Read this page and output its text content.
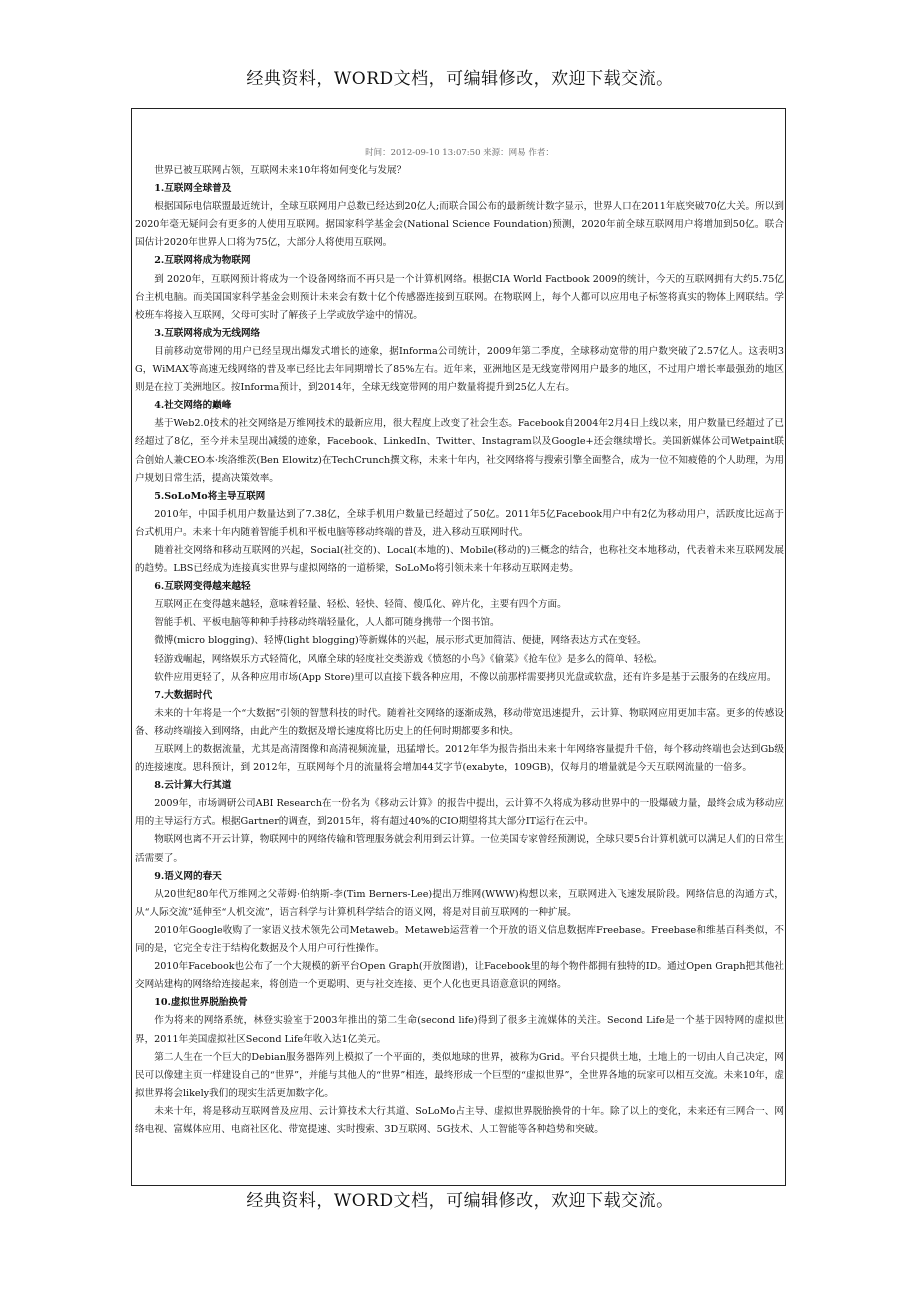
经典资料，WORD文档，可编辑修改，欢迎下载交流。
时间：2012-09-10 13:07:50 来源：网易 作者：

世界已被互联网占领，互联网未来10年将如何变化与发展？

1.互联网全球普及

根据国际电信联盟最近统计，全球互联网用户总数已经达到20亿人;而联合国公布的最新统计数字显示，世界人口在2011年底突破70亿大关。所以到2020年毫无疑问会有更多的人使用互联网。据国家科学基金会(National Science Foundation)预测，2020年前全球互联网用户将增加到50亿。联合国估计2020年世界人口将为75亿，大部分人将使用互联网。

2.互联网将成为物联网

到 2020年，互联网预计将成为一个设备网络而不再只是一个计算机网络。根据CIA World Factbook 2009的统计，今天的互联网拥有大约5.75亿台主机电脑。而美国国家科学基金会则预计未来会有数十亿个传感器连接到互联网。在物联网上，每个人都可以应用电子标签将真实的物体上网联结。学校班车将接入互联网，父母可实时了解孩子上学或放学途中的情况。

3.互联网将成为无线网络

目前移动宽带网的用户已经呈现出爆发式增长的迹象，据Informa公司统计，2009年第二季度，全球移动宽带的用户数突破了2.57亿人。这表明3G，WiMAX等高速无线网络的普及率已经比去年同期增长了85%左右。近年来，亚洲地区是无线宽带网用户最多的地区，不过用户增长率最强劲的地区则是在拉丁美洲地区。按Informa预计，到2014年，全球无线宽带网的用户数量将提升到25亿人左右。

4.社交网络的巅峰

基于Web2.0技术的社交网络是万维网技术的最新应用，很大程度上改变了社会生态。Facebook自2004年2月4日上线以来，用户数量已经超过了已经超过了8亿，至今并未呈现出减缓的迹象，Facebook、LinkedIn、Twitter、Instagram以及Google+还会继续增长。美国新媒体公司Wetpaint联合创始人兼CEO本·埃洛维茨(Ben Elowitz)在TechCrunch撰文称，未来十年内，社交网络将与搜索引擎全面整合，成为一位不知疲倦的个人助理，为用户规划日常生活，提高决策效率。

5.SoLoMo将主导互联网

2010年，中国手机用户数量达到了7.38亿，全球手机用户数量已经超过了50亿。2011年5亿Facebook用户中有2亿为移动用户，活跃度比远高于台式机用户。未来十年内随着智能手机和平板电脑等移动终端的普及，进入移动互联网时代。

随着社交网络和移动互联网的兴起，Social(社交的)、Local(本地的)、Mobile(移动的)三概念的结合，也称社交本地移动，代表着未来互联网发展的趋势。LBS已经成为连接真实世界与虚拟网络的一道桥梁，SoLoMo将引领未来十年移动互联网走势。

6.互联网变得越来越轻

互联网正在变得越来越轻，意味着轻量、轻松、轻快、轻简、傻瓜化、碎片化，主要有四个方面。

智能手机、平板电脑等种种手持移动终端轻量化，人人都可随身携带一个图书馆。

微博(micro blogging)、轻博(light blogging)等新媒体的兴起，展示形式更加简洁、便捷，网络表达方式在变轻。

轻游戏崛起，网络娱乐方式轻简化，风靡全球的轻度社交类游戏《愤怒的小鸟》《偷菜》《抢车位》是多么的简单、轻松。

软件应用更轻了，从各种应用市场(App Store)里可以直接下载各种应用，不像以前那样需要拷贝光盘或软盘，还有许多是基于云服务的在线应用。

7.大数据时代

未来的十年将是一个“大数据”引领的智慧科技的时代。随着社交网络的逐渐成熟，移动带宽迅速提升，云计算、物联网应用更加丰富。更多的传感设备、移动终端接入到网络，由此产生的数据及增长速度将比历史上的任何时期都要多和快。

互联网上的数据流量，尤其是高清图像和高清视频流量，迅猛增长。2012年华为报告指出未来十年网络容量提升千倍，每个移动终端也会达到Gb级的连接速度。思科预计，到 2012年，互联网每个月的流量将会增加44艾字节(exabyte，109GB)，仅每月的增量就是今天互联网流量的一倍多。

8.云计算大行其道

2009年，市场调研公司ABI Research在一份名为《移动云计算》的报告中提出，云计算不久将成为移动世界中的一股爆破力量，最终会成为移动应用的主导运行方式。根据Gartner的调查，到2015年，将有超过40%的CIO期望将其大部分IT运行在云中。

物联网也离不开云计算，物联网中的网络传输和管理服务就会利用到云计算。一位美国专家曾经预测说，全球只要5台计算机就可以满足人们的日常生活需要了。

9.语义网的春天

从20世纪80年代万维网之父蒂姆·伯纳斯-李(Tim Berners-Lee)提出万维网(WWW)构想以来，互联网进入飞速发展阶段。网络信息的沟通方式，从“人际交流”延伸至“人机交流”，语言科学与计算机科学结合的语义网，将是对目前互联网的一种扩展。

2010年Google收购了一家语义技术领先公司Metaweb。Metaweb运营着一个开放的语义信息数据库Freebase。Freebase和维基百科类似，不同的是，它完全专注于结构化数据及个人用户可行性操作。

2010年Facebook也公布了一个大规模的新平台Open Graph(开放图谱)，让Facebook里的每个物件都拥有独特的ID。通过Open Graph把其他社交网站建构的网络给连接起来，将创造一个更聪明、更与社交连接、更个人化也更具语意意识的网络。

10.虚拟世界脱胎换骨

作为将来的网络系统，林登实验室于2003年推出的第二生命(second life)得到了很多主流媒体的关注。Second Life是一个基于因特网的虚拟世界，2011年美国虚拟社区Second Life年收入达1亿美元。

第二人生在一个巨大的Debian服务器阵列上模拟了一个平面的，类似地球的世界，被称为Grid。平台只提供土地，土地上的一切由人自己决定，网民可以像建主页一样建设自己的“世界”，并能与其他人的“世界”相连，最终形成一个巨型的“虚拟世界”，全世界各地的玩家可以相互交流。未来10年，虚拟世界将会likely我们的现实生活更加数字化。

未来十年，将是移动互联网普及应用、云计算技术大行其道、SoLoMo占主导、虚拟世界脱胎换骨的十年。除了以上的变化，未来还有三网合一、网络电视、富媒体应用、电商社区化、带宽提速、实时搜索、3D互联网、5G技术、人工智能等各种趋势和突破。

经典资料，WORD文档，可编辑修改，欢迎下载交流。
